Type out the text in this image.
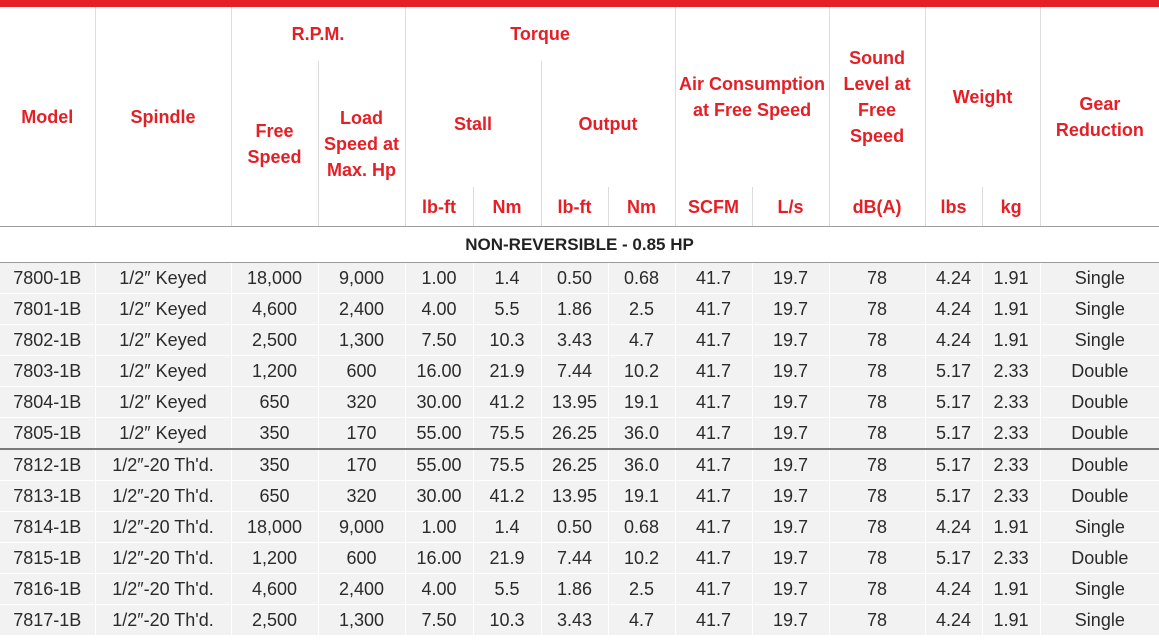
Model	Spindle	R.P.M.		Torque				Air Consumption at Free Speed		Sound Level at Free Speed	Weight		Gear Reduction
		Free Speed	Load Speed at Max. Hp	Stall		Output							
				lb-ft	Nm	lb-ft	Nm	SCFM	L/s	dB(A)	lbs	kg	

NON-REVERSIBLE - 0.85 HP													
7800-1B	1/2″ Keyed	18,000	9,000	1.00	1.4	0.50	0.68	41.7	19.7	78	4.24	1.91	Single
7801-1B	1/2″ Keyed	4,600	2,400	4.00	5.5	1.86	2.5	41.7	19.7	78	4.24	1.91	Single
7802-1B	1/2″ Keyed	2,500	1,300	7.50	10.3	3.43	4.7	41.7	19.7	78	4.24	1.91	Single
7803-1B	1/2″ Keyed	1,200	600	16.00	21.9	7.44	10.2	41.7	19.7	78	5.17	2.33	Double
7804-1B	1/2″ Keyed	650	320	30.00	41.2	13.95	19.1	41.7	19.7	78	5.17	2.33	Double
7805-1B	1/2″ Keyed	350	170	55.00	75.5	26.25	36.0	41.7	19.7	78	5.17	2.33	Double
7812-1B	1/2″-20 Th'd.	350	170	55.00	75.5	26.25	36.0	41.7	19.7	78	5.17	2.33	Double
7813-1B	1/2″-20 Th'd.	650	320	30.00	41.2	13.95	19.1	41.7	19.7	78	5.17	2.33	Double
7814-1B	1/2″-20 Th'd.	18,000	9,000	1.00	1.4	0.50	0.68	41.7	19.7	78	4.24	1.91	Single
7815-1B	1/2″-20 Th'd.	1,200	600	16.00	21.9	7.44	10.2	41.7	19.7	78	5.17	2.33	Double
7816-1B	1/2″-20 Th'd.	4,600	2,400	4.00	5.5	1.86	2.5	41.7	19.7	78	4.24	1.91	Single
7817-1B	1/2″-20 Th'd.	2,500	1,300	7.50	10.3	3.43	4.7	41.7	19.7	78	4.24	1.91	Single
